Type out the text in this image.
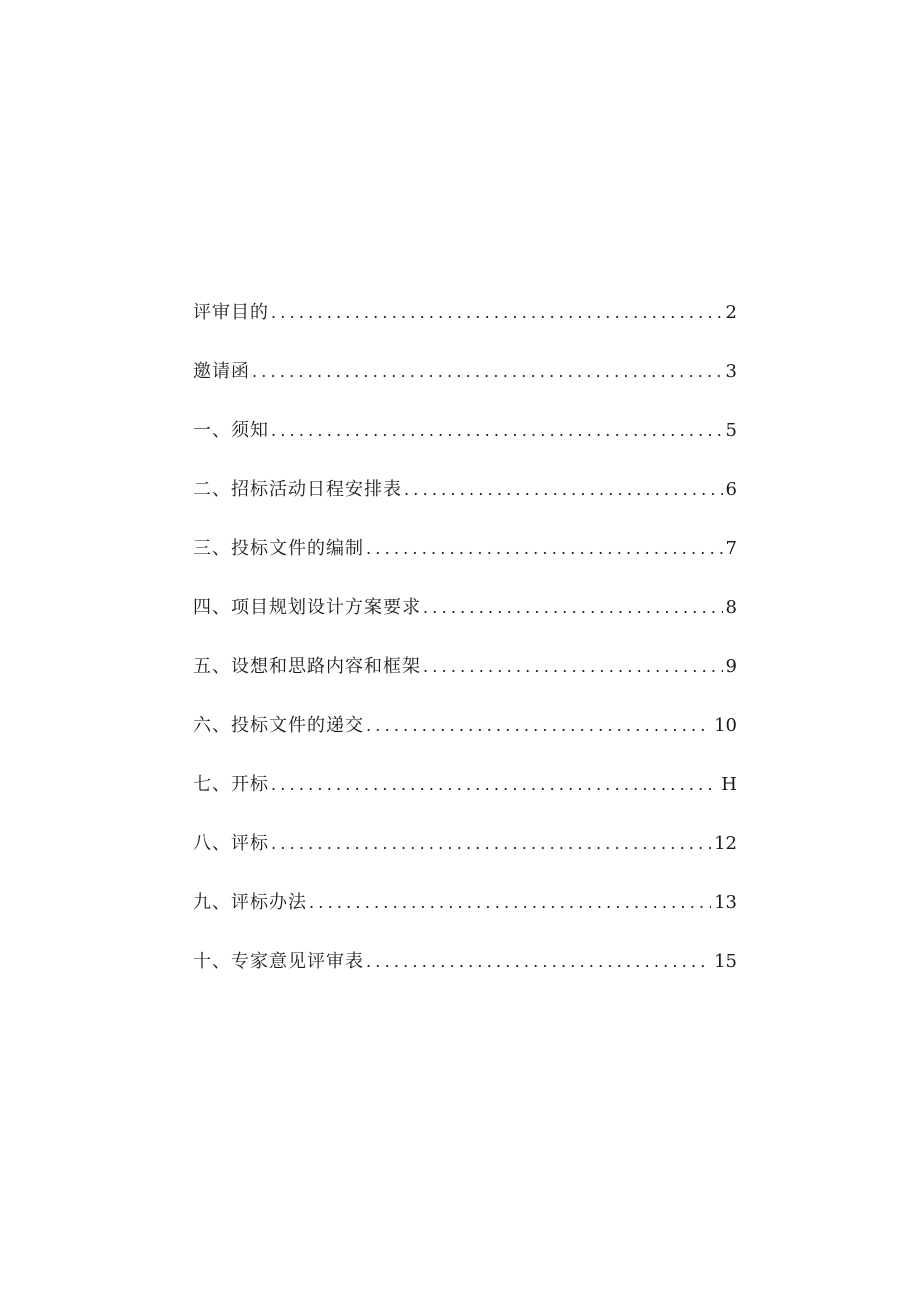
评审目的 .....	2
邀请函 .....	3
一、须知 .....	5
二、招标活动日程安排表 .....	6
三、投标文件的编制 .....	7
四、项目规划设计方案要求 .....	8
五、设想和思路内容和框架 .....	9
六、投标文件的递交 .....	10
七、开标 .....	H
八、评标 .....	12
九、评标办法 .....	13
十、专家意见评审表 .....	15
